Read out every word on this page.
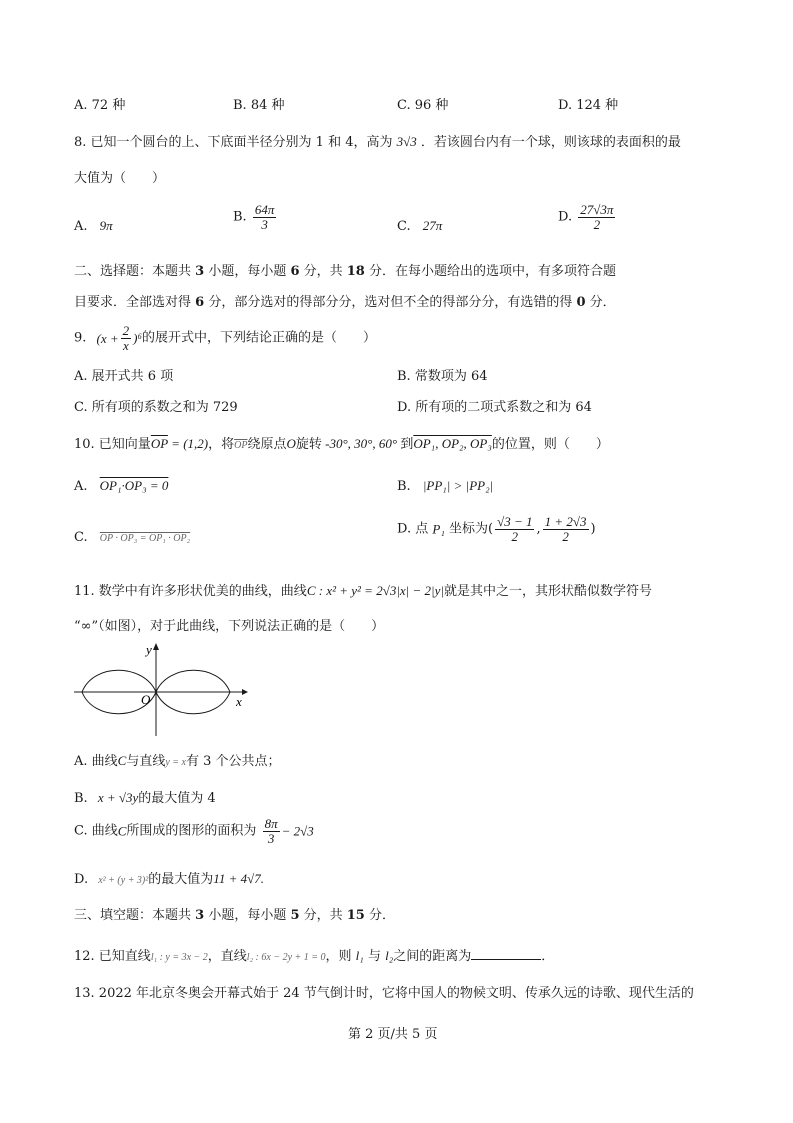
A. 72 种	B. 84 种	C. 96 种	D. 124 种
8. 已知一个圆台的上、下底面半径分别为 1 和 4，高为 3√3 ．若该圆台内有一个球，则该球的表面积的最
大值为（　　）
A. 9π
B. $\frac{64\pi}{3}$	C. 27π
D. $\frac{27√3\pi}{2}$
二、选择题：本题共 3 小题，每小题 6 分，共 18 分．在每小题给出的选项中，有多项符合题
目要求．全部选对得 6 分，部分选对的得部分分，选对但不全的得部分分，有选错的得 0 分．
9. $(x + \frac{2}{x} )^6$的展开式中，下列结论正确的是（　　）
A. 展开式共 6 项	B. 常数项为 64
C. 所有项的系数之和为 729	D. 所有项的二项式系数之和为 64
10. 已知向量$\overline{OP} = (1,2)$，将$\overline{OP}$绕原点O旋转 -30°, 30°, 60° 到OP₁, OP₂, OP₃的位置，则（　　）
A. OP₁·OP₃ = 0	B. |PP₁| > |PP₂|
C. OP · OP₃ = OP₁ · OP₂
D. 点 P₁ 坐标为( $\frac{√3 - 1}{2}$ , $\frac{1 + 2√3}{2}$ )
11. 数学中有许多形状优美的曲线，曲线C : x² + y² = 2√3|x| − 2|y|就是其中之一，其形状酷似数学符号
“∞”（如图），对于此曲线，下列说法正确的是（　　）
y
x
O
A. 曲线C与直线y = x有 3 个公共点；
B. x + √3y的最大值为 4
C. 曲线C所围成的图形的面积为 $\frac{8\pi}{3} - 2√3$
D. x² + (y + 3)²的最大值为11 + 4√7.
三、填空题：本题共 3 小题，每小题 5 分，共 15 分．
12. 已知直线l₁ : y = 3x − 2，直线l₂ : 6x − 2y + 1 = 0，则 l₁ 与 l₂之间的距离为	．
13. 2022 年北京冬奥会开幕式始于 24 节气倒计时，它将中国人的物候文明、传承久远的诗歌、现代生活的
第 2 页/共 5 页
